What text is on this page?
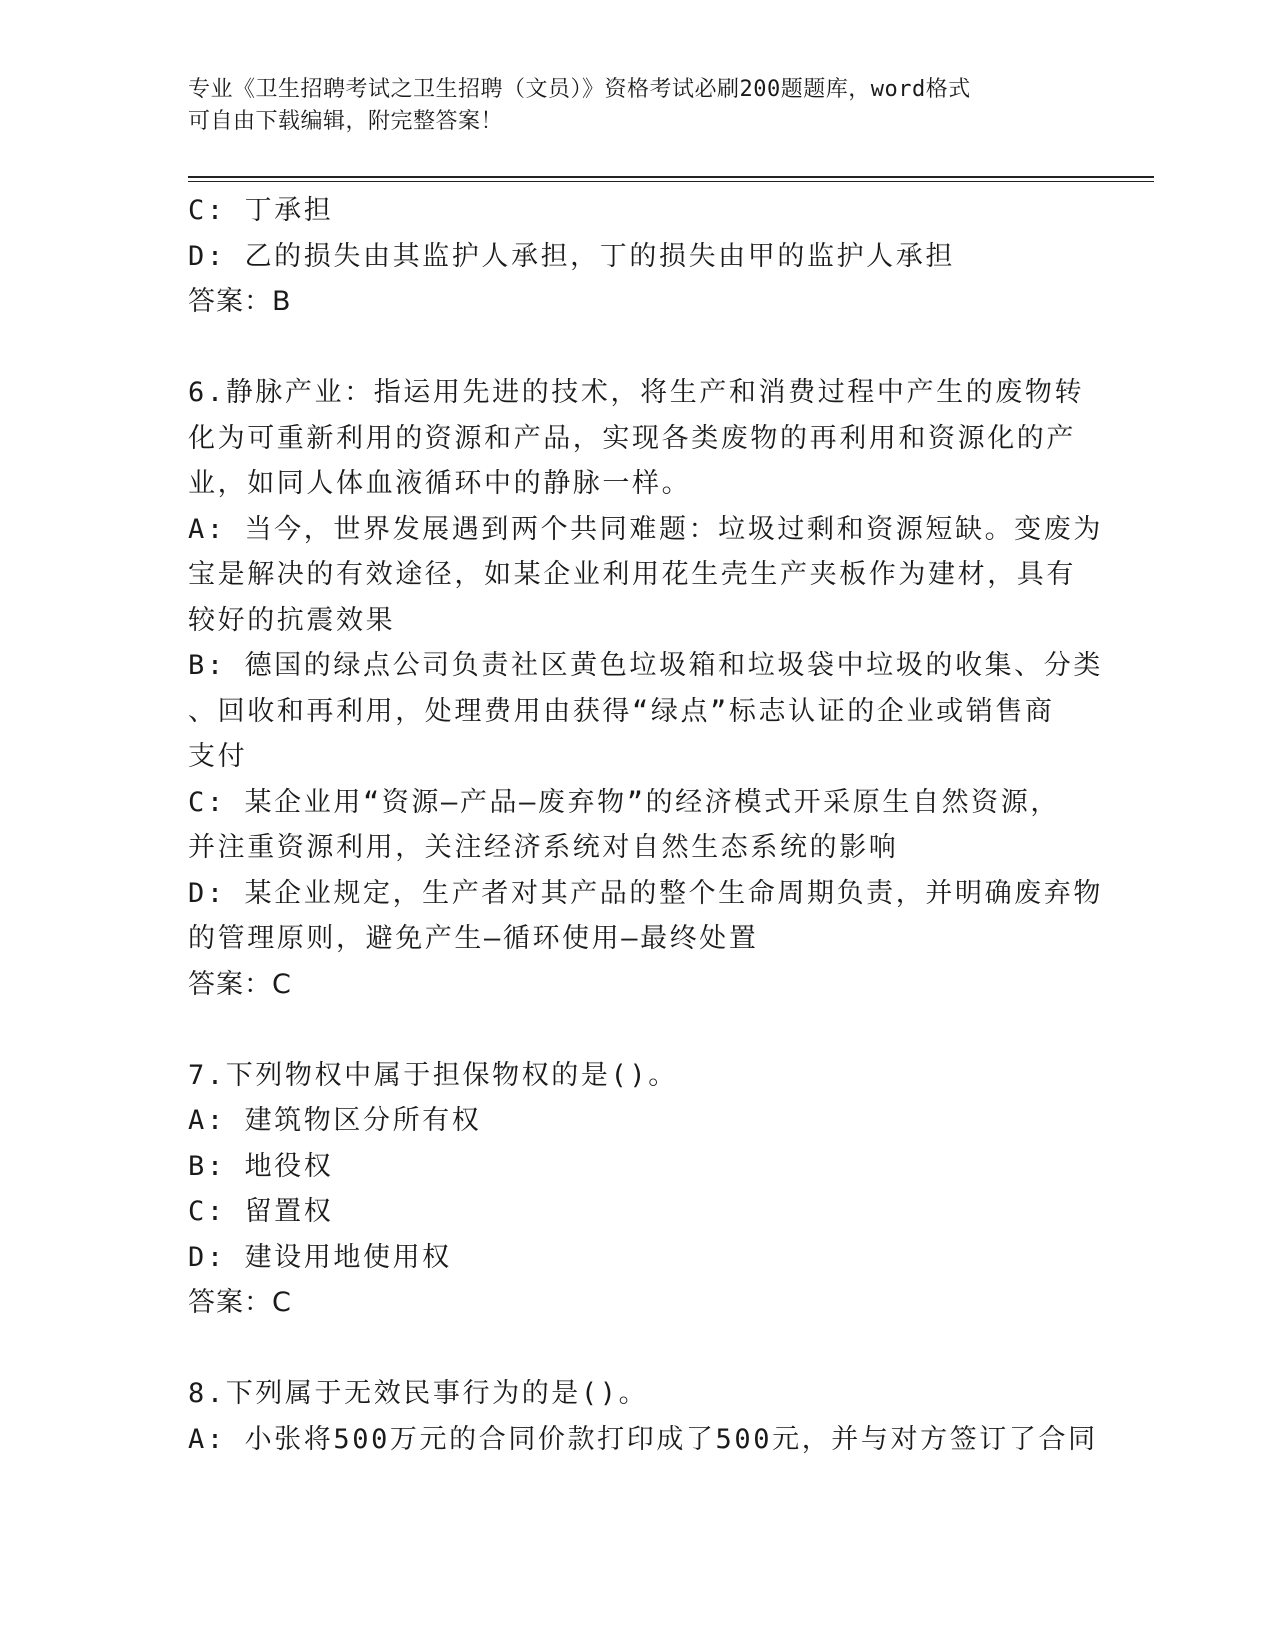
专业《卫生招聘考试之卫生招聘（文员）》资格考试必刷200题题库，word格式
可自由下载编辑，附完整答案！
C: 丁承担
D: 乙的损失由其监护人承担，丁的损失由甲的监护人承担
答案：B
6.静脉产业：指运用先进的技术，将生产和消费过程中产生的废物转
化为可重新利用的资源和产品，实现各类废物的再利用和资源化的产
业，如同人体血液循环中的静脉一样。
A: 当今，世界发展遇到两个共同难题：垃圾过剩和资源短缺。变废为
宝是解决的有效途径，如某企业利用花生壳生产夹板作为建材，具有
较好的抗震效果
B: 德国的绿点公司负责社区黄色垃圾箱和垃圾袋中垃圾的收集、分类
、回收和再利用，处理费用由获得“绿点”标志认证的企业或销售商
支付
C: 某企业用“资源—产品—废弃物”的经济模式开采原生自然资源，
并注重资源利用，关注经济系统对自然生态系统的影响
D: 某企业规定，生产者对其产品的整个生命周期负责，并明确废弃物
的管理原则，避免产生—循环使用—最终处置
答案：C
7.下列物权中属于担保物权的是()。
A: 建筑物区分所有权
B: 地役权
C: 留置权
D: 建设用地使用权
答案：C
8.下列属于无效民事行为的是()。
A: 小张将500万元的合同价款打印成了500元，并与对方签订了合同
